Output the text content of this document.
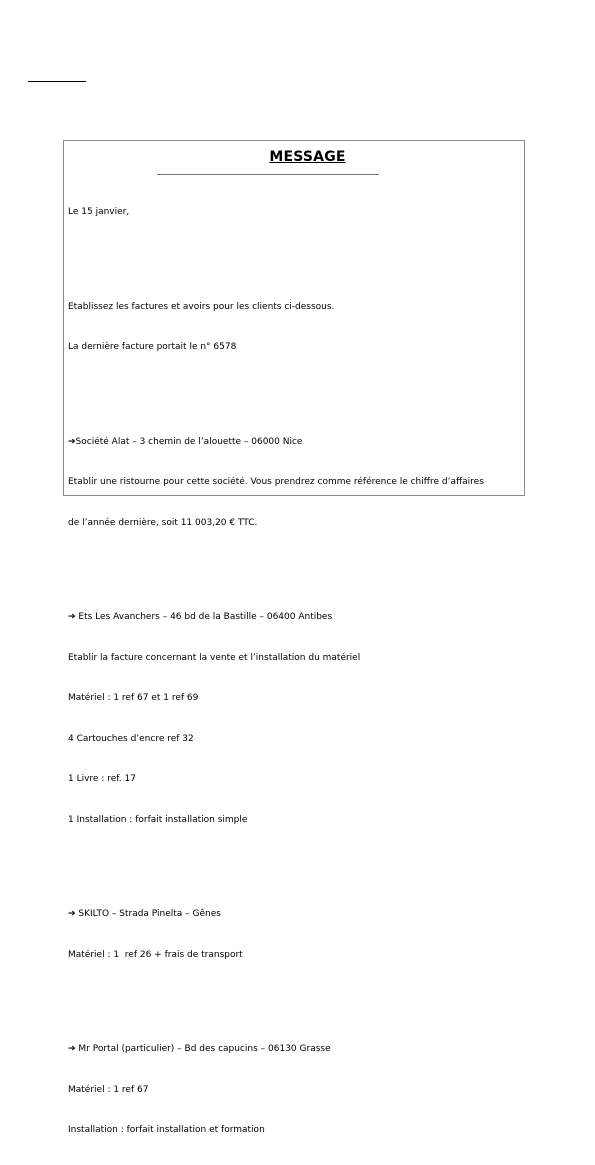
MESSAGE

Le 15 janvier,

Etablissez les factures et avoirs pour les clients ci-dessous.

La dernière facture portait le n° 6578

➔Société Alat – 3 chemin de l’alouette – 06000 Nice

Etablir une ristourne pour cette société. Vous prendrez comme référence le chiffre d’affaires

de l’année dernière, soit 11 003,20 € TTC.

➔ Ets Les Avanchers – 46 bd de la Bastille – 06400 Antibes

Etablir la facture concernant la vente et l’installation du matériel

Matériel : 1 ref 67 et 1 ref 69

4 Cartouches d’encre ref 32

1 Livre : ref. 17

1 Installation : forfait installation simple

➔ SKILTO – Strada Pinelta – Gênes

Matériel : 1  ref 26 + frais de transport

➔ Mr Portal (particulier) – Bd des capucins – 06130 Grasse

Matériel : 1 ref 67

Installation : forfait installation et formation
